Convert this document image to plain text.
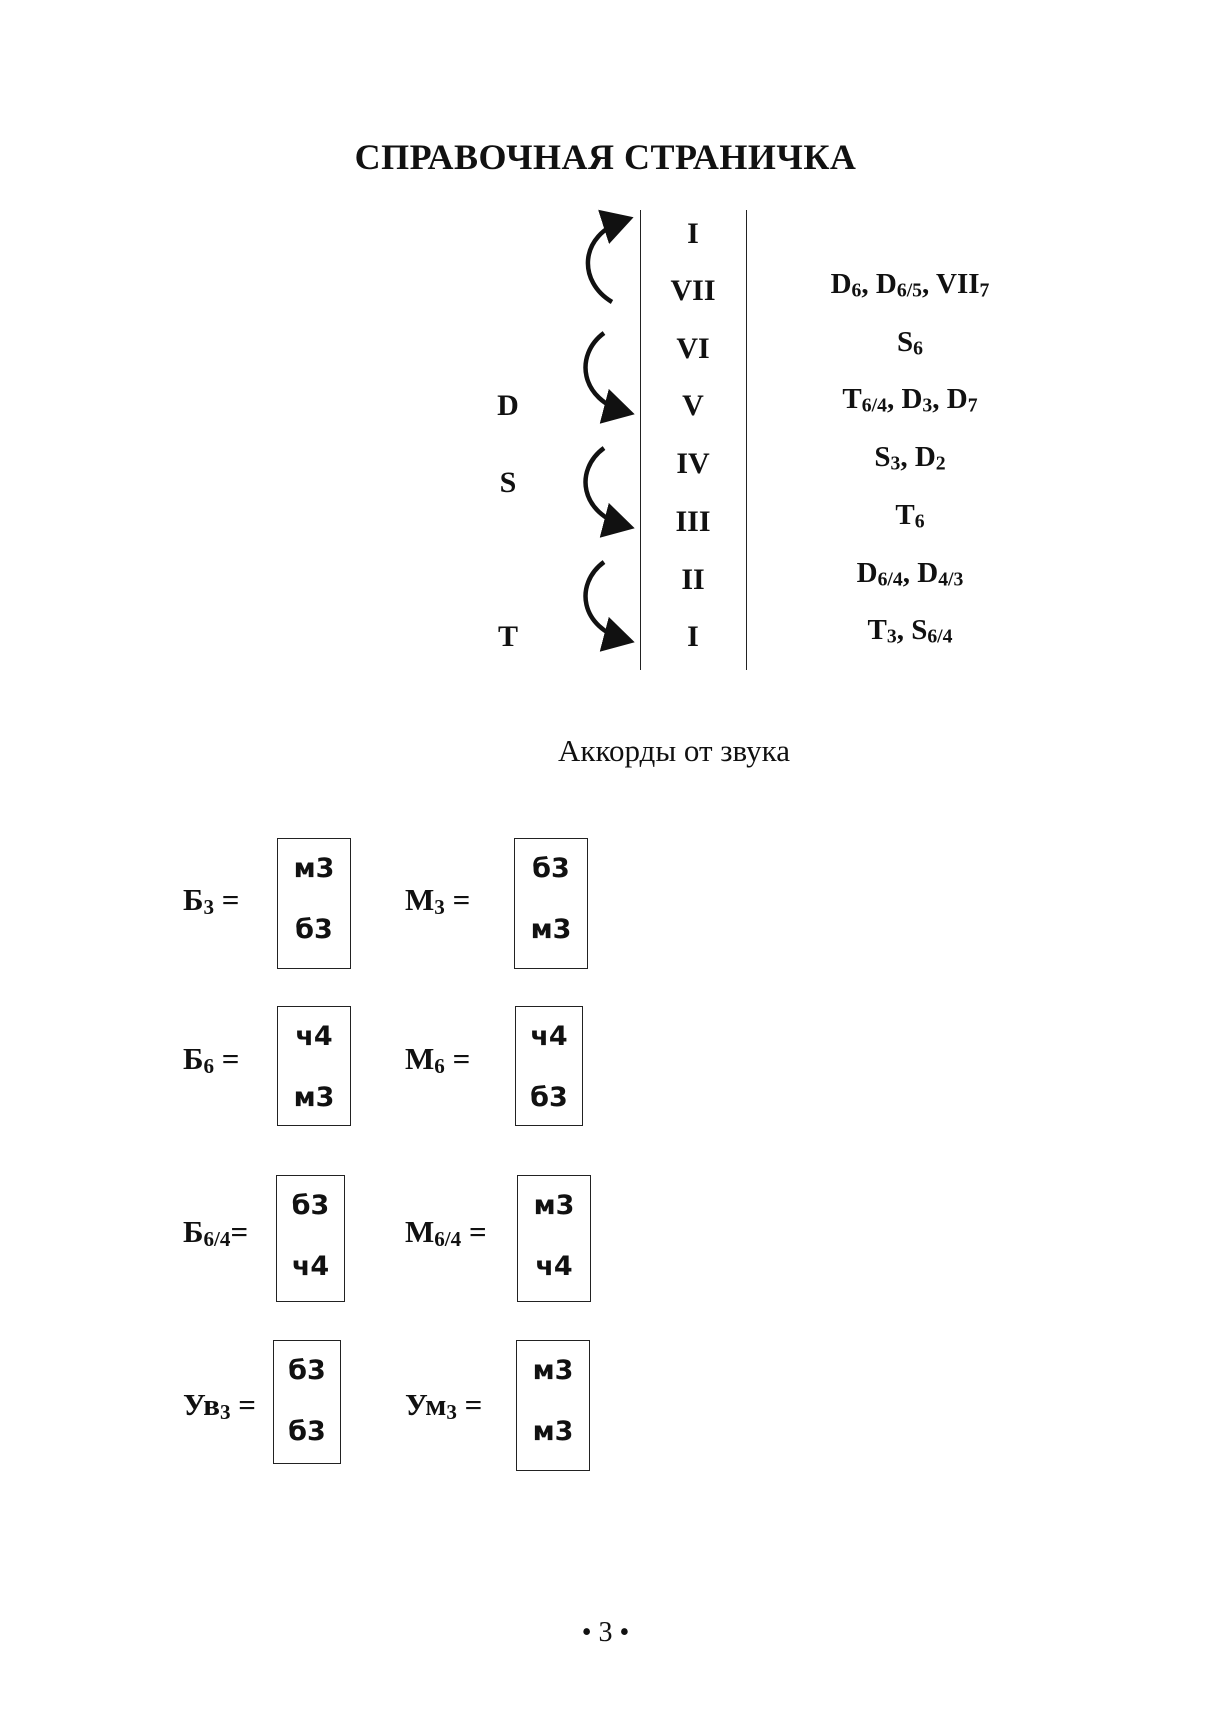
СПРАВОЧНАЯ СТРАНИЧКА
I
VII
VI
V
IV
III
II
I
D
S
T
$D_6$, $D_{6/5}$, $VII_7$
$S_6$
$T_{6/4}$, $D_3$, $D_7$
$S_3$, $D_2$
$T_6$
$D_{6/4}$, $D_{4/3}$
$T_3$, $S_{6/4}$
Аккорды от звука
$Б_3$ =
м3
б3
$М_3$ =
б3
м3
$Б_6$ =
ч4
м3
$М_6$ =
ч4
б3
$Б_{6/4}=$
б3
ч4
$М_{6/4}$ =
м3
ч4
$Ув_3$ =
б3
б3
$Ум_3$ =
м3
м3
• 3 •
